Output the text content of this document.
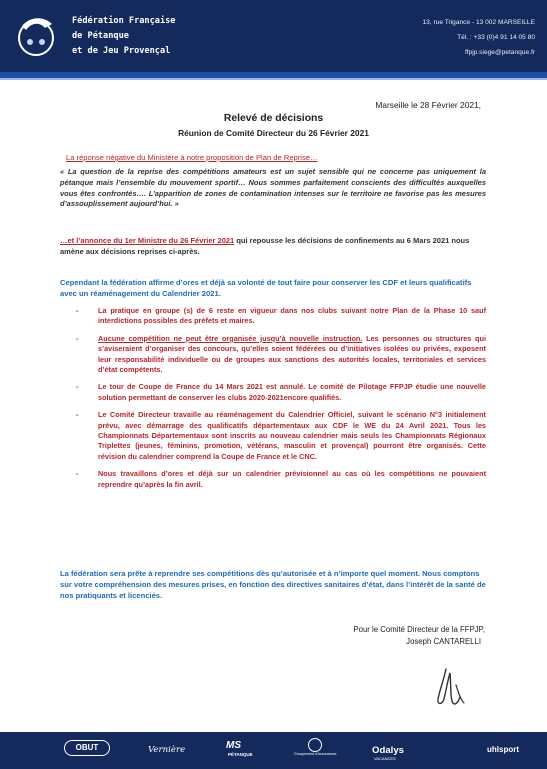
Fédération Française
de Pétanque
et de Jeu Provençal
13, rue Trigance - 13 002 MARSEILLE
Tél. : +33 (0)4 91 14 05 80
ffpjp.siege@petanque.fr
Marseille le 28 Février 2021,
Relevé de décisions
Réunion de Comité Directeur du 26 Février 2021

La réponse négative du Ministère à notre proposition de Plan de Reprise…

« La question de la reprise des compétitions amateurs est un sujet sensible qui ne concerne pas uniquement la pétanque mais l’ensemble du mouvement sportif… Nous sommes parfaitement conscients des difficultés auxquelles vous êtes confrontés…. L’apparition de zones de contamination intenses sur le territoire ne favorise pas les mesures d’assouplissement aujourd’hui. »

…et l’annonce du 1er Ministre du 26 Février 2021 qui repousse les décisions de confinements au 6 Mars 2021 nous amène aux décisions reprises ci-après.

Cependant la fédération affirme d’ores et déjà sa volonté de tout faire pour conserver les CDF et leurs qualificatifs avec un réaménagement du Calendrier 2021.

-	La pratique en groupe (s) de 6 reste en vigueur dans nos clubs suivant notre Plan de la Phase 10 sauf interdictions possibles des préfets et maires.
-	Aucune compétition ne peut être organisée jusqu’à nouvelle instruction. Les personnes ou structures qui s’aviseraient d’organiser des concours, qu’elles soient fédérées ou d’initiatives isolées ou privées, exposent leur responsabilité individuelle ou de groupes aux sanctions des autorités locales, territoriales et services d’état compétents.
-	Le tour de Coupe de France du 14 Mars 2021 est annulé. Le comité de Pilotage FFPJP étudie une nouvelle solution permettant de conserver les clubs 2020-2021encore qualifiés.
-	Le Comité Directeur travaille au réaménagement du Calendrier Officiel, suivant le scénario N°3 initialement prévu, avec démarrage des qualificatifs départementaux aux CDF le WE du 24 Avril 2021. Tous les Championnats Départementaux sont inscrits au nouveau calendrier mais seuls les Championnats Régionaux Triplettes (jeunes, féminins, promotion, vétérans, masculin et provençal) pourront être organisés. Cette révision du calendrier comprend la Coupe de France et le CNC.
-	Nous travaillons d’ores et déjà sur un calendrier prévisionnel au cas où les compétitions ne pouvaient reprendre qu’après la fin avril.

La fédération sera prête à reprendre ses compétitions dès qu’autorisée et à n’importe quel moment. Nous comptons sur votre compréhension des mesures prises, en fonction des directives sanitaires d’état, dans l’intérêt de la santé de nos pratiquants et licenciés.

Pour le Comité Directeur de la FFPJP,
Joseph CANTARELLI
OBUT	Vernière	MS
PÉTANQUE	Groupement d'Assurances	Odalys
VACANCES
uhlsport
